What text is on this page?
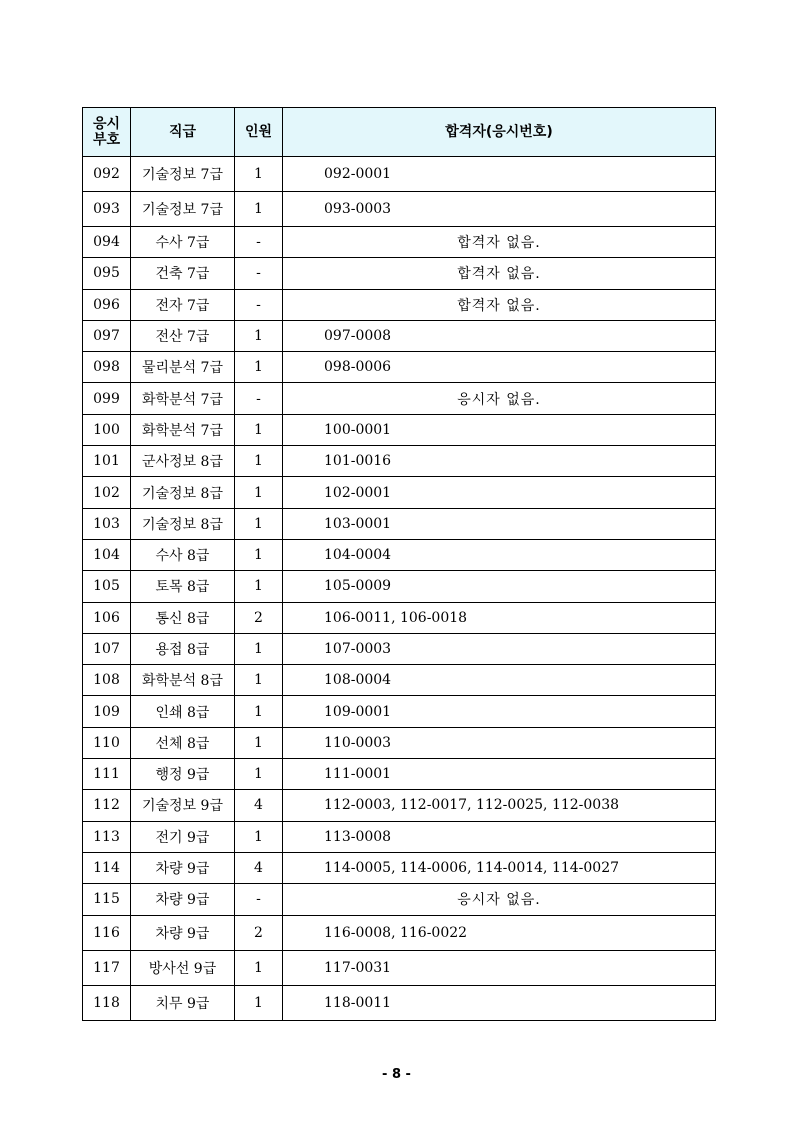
응시
부호	직급	인원	합격자(응시번호)
092	기술정보 7급	1	092-0001
093	기술정보 7급	1	093-0003
094	수사 7급	-	합격자 없음.
095	건축 7급	-	합격자 없음.
096	전자 7급	-	합격자 없음.
097	전산 7급	1	097-0008
098	물리분석 7급	1	098-0006
099	화학분석 7급	-	응시자 없음.
100	화학분석 7급	1	100-0001
101	군사정보 8급	1	101-0016
102	기술정보 8급	1	102-0001
103	기술정보 8급	1	103-0001
104	수사 8급	1	104-0004
105	토목 8급	1	105-0009
106	통신 8급	2	106-0011, 106-0018
107	용접 8급	1	107-0003
108	화학분석 8급	1	108-0004
109	인쇄 8급	1	109-0001
110	선체 8급	1	110-0003
111	행정 9급	1	111-0001
112	기술정보 9급	4	112-0003, 112-0017, 112-0025, 112-0038
113	전기 9급	1	113-0008
114	차량 9급	4	114-0005, 114-0006, 114-0014, 114-0027
115	차량 9급	-	응시자 없음.
116	차량 9급	2	116-0008, 116-0022
117	방사선 9급	1	117-0031
118	치무 9급	1	118-0011
- 8 -
